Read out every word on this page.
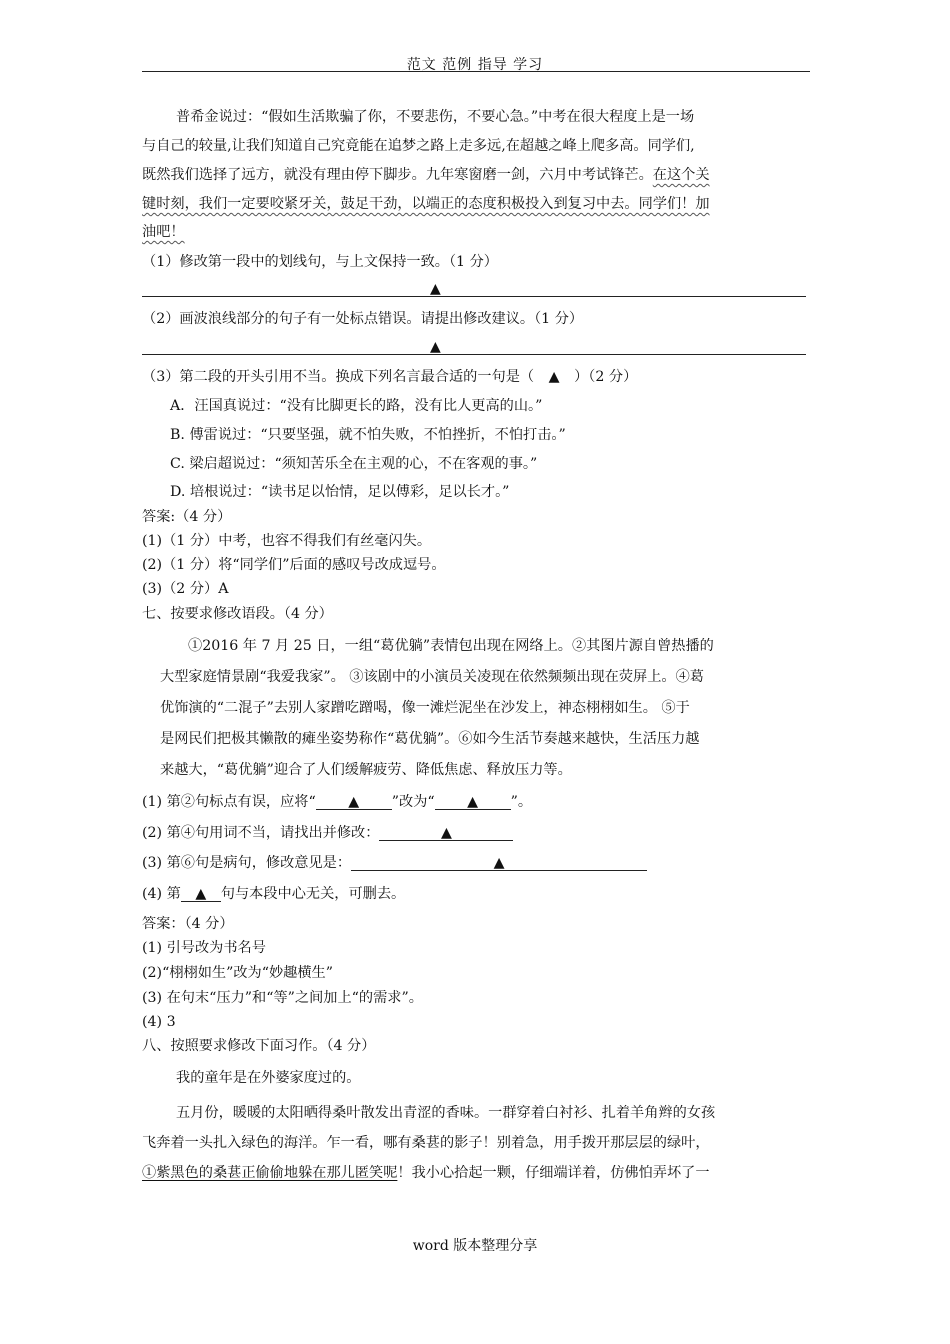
范文 范例 指导 学习
普希金说过：“假如生活欺骗了你，不要悲伤，不要心急。”中考在很大程度上是一场
与自己的较量,让我们知道自己究竟能在追梦之路上走多远,在超越之峰上爬多高。同学们,
既然我们选择了远方，就没有理由停下脚步。九年寒窗磨一剑，六月中考试锋芒。在这个关
键时刻，我们一定要咬紧牙关，鼓足干劲，以端正的态度积极投入到复习中去。同学们！加
油吧！
（1）修改第一段中的划线句，与上文保持一致。（1 分）
▲
（2）画波浪线部分的句子有一处标点错误。请提出修改建议。（1 分）
▲
（3）第二段的开头引用不当。换成下列名言最合适的一句是（ ▲ ）（2 分）
A．汪国真说过：“没有比脚更长的路，没有比人更高的山。”
B. 傅雷说过：“只要坚强，就不怕失败，不怕挫折，不怕打击。”
C. 梁启超说过：“须知苦乐全在主观的心，不在客观的事。”
D. 培根说过：“读书足以怡情，足以傅彩，足以长才。”
答案:（4 分）
(1)（1 分）中考，也容不得我们有丝毫闪失。
(2)（1 分）将“同学们”后面的感叹号改成逗号。
(3)（2 分）A
七、按要求修改语段。（4 分）
①2016 年 7 月 25 日，一组“葛优躺”表情包出现在网络上。②其图片源自曾热播的
大型家庭情景剧“我爱我家”。 ③该剧中的小演员关凌现在依然频频出现在荧屏上。④葛
优饰演的“二混子”去别人家蹭吃蹭喝，像一滩烂泥坐在沙发上，神态栩栩如生。 ⑤于
是网民们把极其懒散的瘫坐姿势称作“葛优躺”。⑥如今生活节奏越来越快，生活压力越
来越大，“葛优躺”迎合了人们缓解疲劳、降低焦虑、释放压力等。
(1) 第②句标点有误，应将“ ▲ ”改为“ ▲ ”。
(2) 第④句用词不当，请找出并修改：	▲
(3) 第⑥句是病句，修改意见是：	▲
(4) 第 ▲ 句与本段中心无关，可删去。
答案：（4 分）
(1) 引号改为书名号
(2)“栩栩如生”改为“妙趣横生”
(3) 在句末“压力”和“等”之间加上“的需求”。
(4) 3
八、按照要求修改下面习作。（4 分）
我的童年是在外婆家度过的。
五月份，暖暖的太阳晒得桑叶散发出青涩的香味。一群穿着白衬衫、扎着羊角辫的女孩
飞奔着一头扎入绿色的海洋。乍一看，哪有桑葚的影子！别着急，用手拨开那层层的绿叶，
①紫黑色的桑葚正偷偷地躲在那儿匿笑呢！我小心拾起一颗，仔细端详着，仿佛怕弄坏了一
word 版本整理分享
